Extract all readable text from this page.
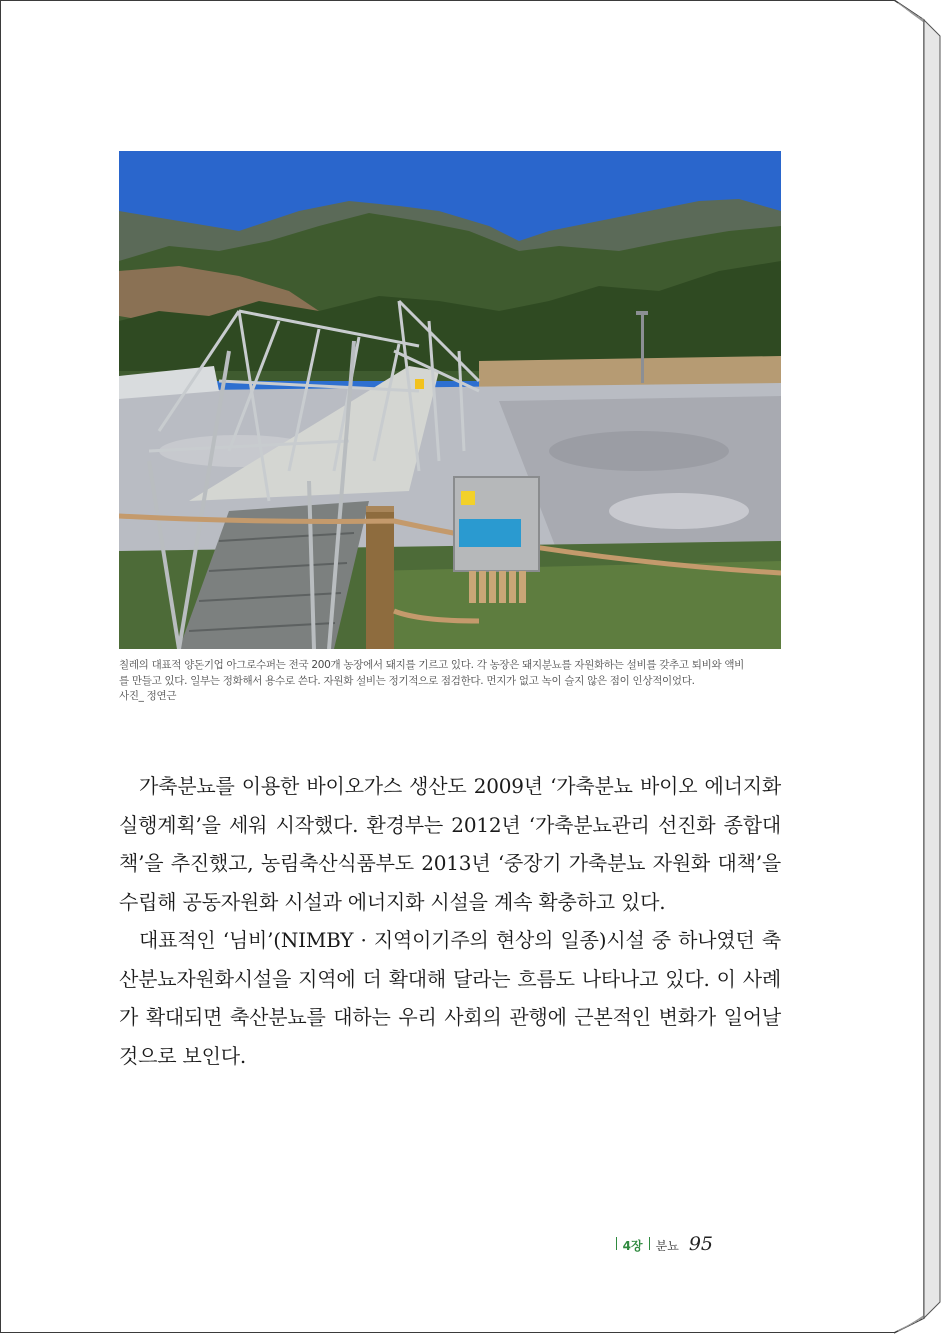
칠레의 대표적 양돈기업 아그로수퍼는 전국 200개 농장에서 돼지를 기르고 있다. 각 농장은 돼지분뇨를 자원화하는 설비를 갖추고 퇴비와 액비

를 만들고 있다. 일부는 정화해서 용수로 쓴다. 자원화 설비는 정기적으로 점검한다. 먼지가 없고 녹이 슬지 않은 점이 인상적이었다.

사진_ 정연근

가축분뇨를 이용한 바이오가스 생산도 2009년 ‘가축분뇨 바이오 에너지화 실행계획’을 세워 시작했다. 환경부는 2012년 ‘가축분뇨관리 선진화 종합대책’을 추진했고, 농림축산식품부도 2013년 ‘중장기 가축분뇨 자원화 대책’을 수립해 공동자원화 시설과 에너지화 시설을 계속 확충하고 있다.

대표적인 ‘님비’(NIMBY · 지역이기주의 현상의 일종)시설 중 하나였던 축산분뇨자원화시설을 지역에 더 확대해 달라는 흐름도 나타나고 있다. 이 사례가 확대되면 축산분뇨를 대하는 우리 사회의 관행에 근본적인 변화가 일어날 것으로 보인다.

4장 분뇨 95
